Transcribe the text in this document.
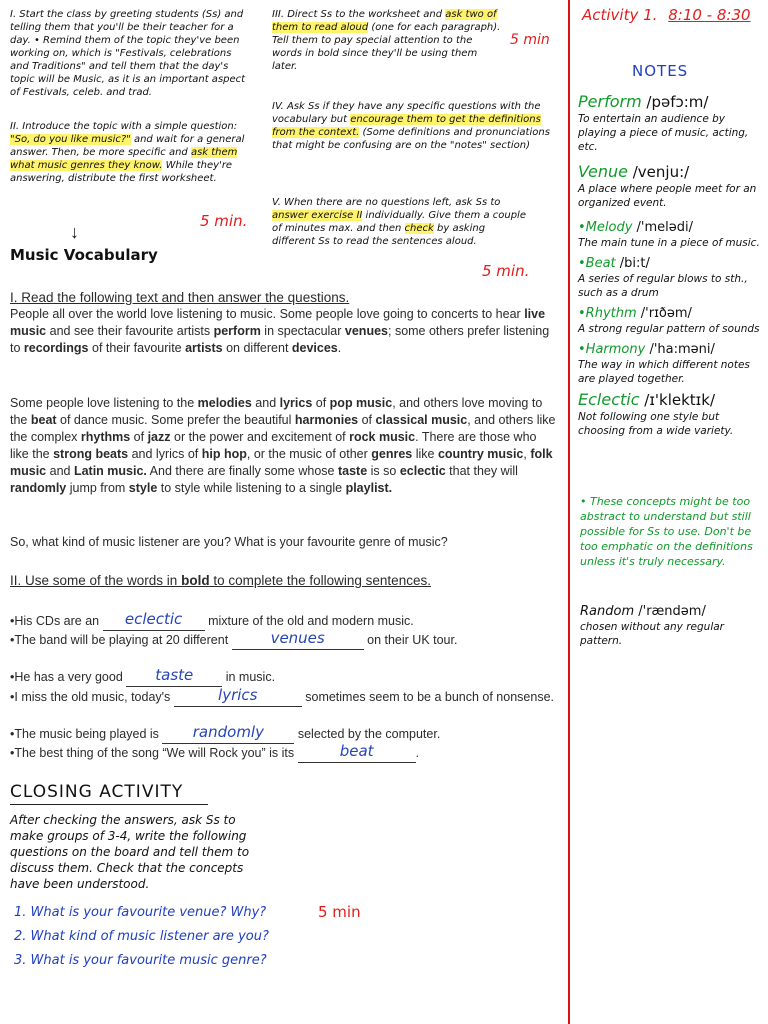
I. Start the class by greeting students (Ss) and telling them that you'll be their teacher for a day. • Remind them of the topic they've been working on, which is "Festivals, celebrations and Traditions" and tell them that the day's topic will be Music, as it is an important aspect of Festivals, celeb. and trad.
II. Introduce the topic with a simple question: "So, do you like music?" and wait for a general answer. Then, be more specific and ask them what music genres they know. While they're answering, distribute the first worksheet.
5 min.
↓
III. Direct Ss to the worksheet and ask two of them to read aloud (one for each paragraph). Tell them to pay special attention to the words in bold since they'll be using them later.
5 min
IV. Ask Ss if they have any specific questions with the vocabulary but encourage them to get the definitions from the context. (Some definitions and pronunciations that might be confusing are on the "notes" section)
V. When there are no questions left, ask Ss to answer exercise II individually. Give them a couple of minutes max. and then check by asking different Ss to read the sentences aloud.
5 min.
Music Vocabulary
I. Read the following text and then answer the questions.
People all over the world love listening to music. Some people love going to concerts to hear live music and see their favourite artists perform in spectacular venues; some others prefer listening to recordings of their favourite artists on different devices.
Some people love listening to the melodies and lyrics of pop music, and others love moving to the beat of dance music. Some prefer the beautiful harmonies of classical music, and others like the complex rhythms of jazz or the power and excitement of rock music. There are those who like the strong beats and lyrics of hip hop, or the music of other genres like country music, folk music and Latin music. And there are finally some whose taste is so eclectic that they will randomly jump from style to style while listening to a single playlist.
So, what kind of music listener are you? What is your favourite genre of music?
II. Use some of the words in bold to complete the following sentences.
•His CDs are an	eclectic	mixture of the old and modern music.
•The band will be playing at 20 different	venues	on their UK tour.
•He has a very good	taste	in music.
•I miss the old music, today's	lyrics	sometimes seem to be a bunch of nonsense.
•The music being played is	randomly	selected by the computer.
•The best thing of the song “We will Rock you” is its	beat	.
CLOSING ACTIVITY
After checking the answers, ask Ss to make groups of 3-4, write the following questions on the board and tell them to discuss them. Check that the concepts have been understood.
1. What is your favourite venue? Why?
2. What kind of music listener are you?
3. What is your favourite music genre?
5 min
Activity 1. 8:10 - 8:30
NOTES
Perform /pəfɔ:m/
To entertain an audience by playing a piece of music, acting, etc.
Venue /venju:/
A place where people meet for an organized event.
•Melody /'melədi/
The main tune in a piece of music.
•Beat /bi:t/
A series of regular blows to sth., such as a drum
•Rhythm /'rɪðəm/
A strong regular pattern of sounds
•Harmony /'ha:məni/
The way in which different notes are played together.
Eclectic /ɪ'klektɪk/
Not following one style but choosing from a wide variety.
• These concepts might be too abstract to understand but still possible for Ss to use. Don't be too emphatic on the definitions unless it's truly necessary.
Random /'rændəm/
chosen without any regular pattern.
